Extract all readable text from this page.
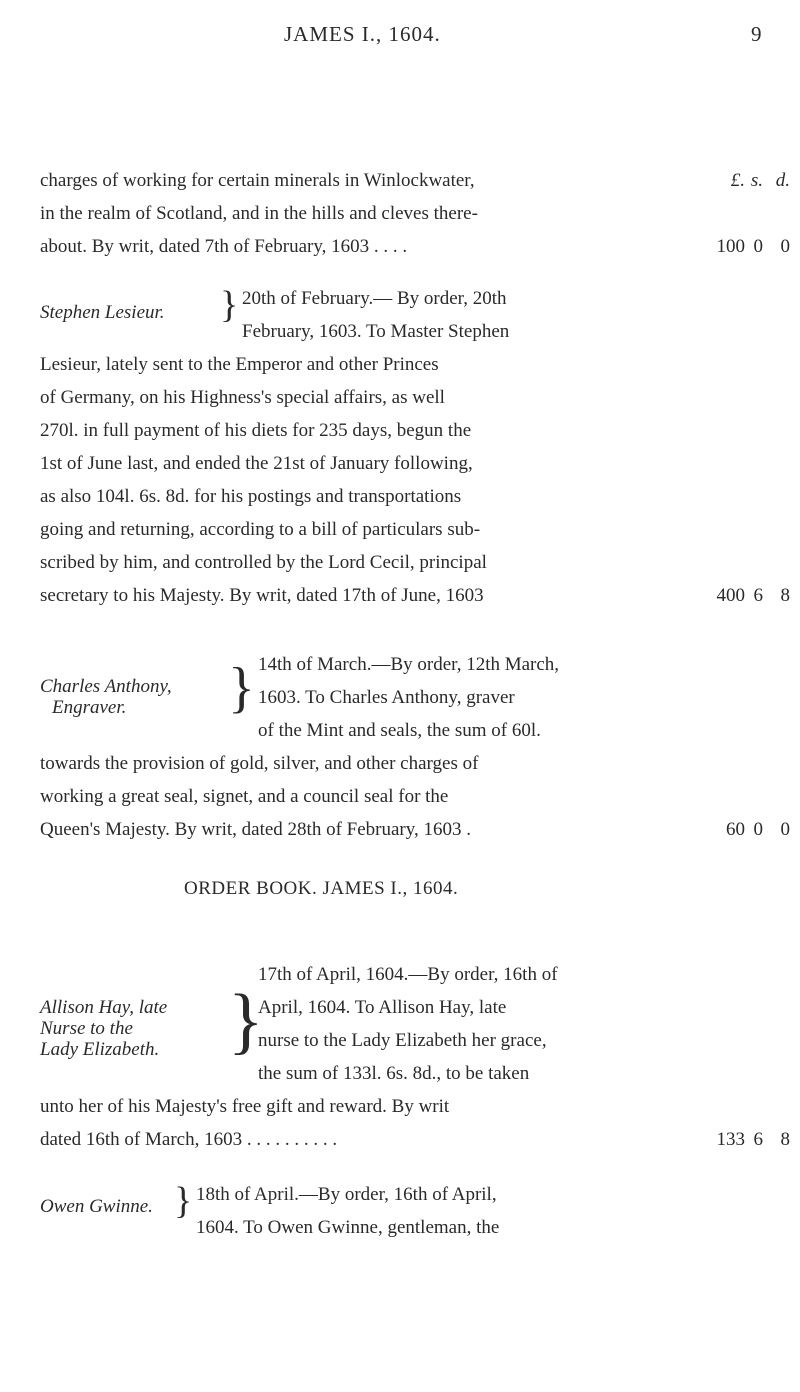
JAMES I., 1604.	9
charges of working for certain minerals in Winlockwater,	£. s. d.
in the realm of Scotland, and in the hills and cleves there-
about. By writ, dated 7th of February, 1603 . . . .	100 0 0
Stephen Lesieur. } 20th of February.— By order, 20th
February, 1603. To Master Stephen
Lesieur, lately sent to the Emperor and other Princes
of Germany, on his Highness's special affairs, as well
270l. in full payment of his diets for 235 days, begun the
1st of June last, and ended the 21st of January following,
as also 104l. 6s. 8d. for his postings and transportations
going and returning, according to a bill of particulars sub-
scribed by him, and controlled by the Lord Cecil, principal
secretary to his Majesty. By writ, dated 17th of June, 1603	400 6 8
Charles Anthony,
Engraver.	} 14th of March.—By order, 12th March,
1603. To Charles Anthony, graver
of the Mint and seals, the sum of 60l.
towards the provision of gold, silver, and other charges of
working a great seal, signet, and a council seal for the
Queen's Majesty. By writ, dated 28th of February, 1603 .	60 0 0
ORDER BOOK. JAMES I., 1604.
Allison Hay, late
Nurse to the
Lady Elizabeth. }
17th of April, 1604.—By order, 16th of
April, 1604. To Allison Hay, late
nurse to the Lady Elizabeth her grace,
the sum of 133l. 6s. 8d., to be taken
unto her of his Majesty's free gift and reward. By writ
dated 16th of March, 1603 . . . . . . . . . .	133 6 8
Owen Gwinne. } 18th of April.—By order, 16th of April,
1604. To Owen Gwinne, gentleman, the
